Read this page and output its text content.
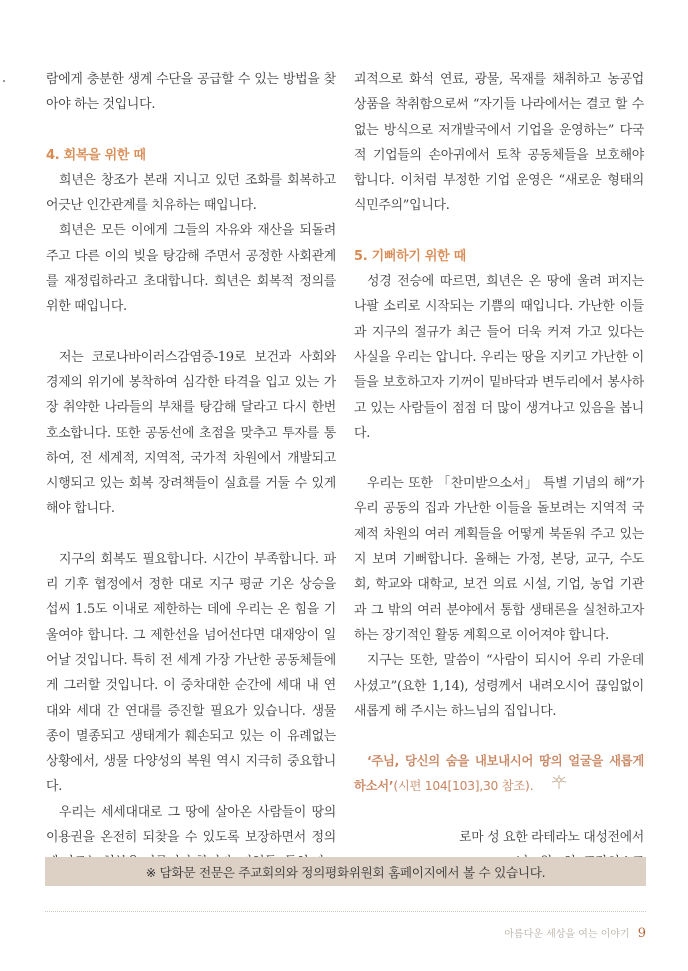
람에게 충분한 생계 수단을 공급할 수 있는 방법을 찾아야 하는 것입니다.

4. 회복을 위한 때

희년은 창조가 본래 지니고 있던 조화를 회복하고 어긋난 인간관계를 치유하는 때입니다.

희년은 모든 이에게 그들의 자유와 재산을 되돌려주고 다른 이의 빚을 탕감해 주면서 공정한 사회관계를 재정립하라고 초대합니다. 희년은 회복적 정의를 위한 때입니다.

저는 코로나바이러스감염증-19로 보건과 사회와 경제의 위기에 봉착하여 심각한 타격을 입고 있는 가장 취약한 나라들의 부채를 탕감해 달라고 다시 한번 호소합니다. 또한 공동선에 초점을 맞추고 투자를 통하여, 전 세계적, 지역적, 국가적 차원에서 개발되고 시행되고 있는 회복 장려책들이 실효를 거둘 수 있게 해야 합니다.

지구의 회복도 필요합니다. 시간이 부족합니다. 파리 기후 협정에서 정한 대로 지구 평균 기온 상승을 섭씨 1.5도 이내로 제한하는 데에 우리는 온 힘을 기울여야 합니다. 그 제한선을 넘어선다면 대재앙이 일어날 것입니다. 특히 전 세계 가장 가난한 공동체들에게 그러할 것입니다. 이 중차대한 순간에 세대 내 연대와 세대 간 연대를 증진할 필요가 있습니다. 생물 종이 멸종되고 생태계가 훼손되고 있는 이 유례없는 상황에서, 생물 다양성의 복원 역시 지극히 중요합니다.

우리는 세세대대로 그 땅에 살아온 사람들이 땅의 이용권을 온전히 되찾을 수 있도록 보장하면서 정의

괴적으로 화석 연료, 광물, 목재를 채취하고 농공업 상품을 착취함으로써 “자기들 나라에서는 결코 할 수 없는 방식으로 저개발국에서 기업을 운영하는” 다국적 기업들의 손아귀에서 토착 공동체들을 보호해야 합니다. 이처럼 부정한 기업 운영은 “새로운 형태의 식민주의”입니다.

5. 기뻐하기 위한 때

성경 전승에 따르면, 희년은 온 땅에 울려 퍼지는 나팔 소리로 시작되는 기쁨의 때입니다. 가난한 이들과 지구의 절규가 최근 들어 더욱 커져 가고 있다는 사실을 우리는 압니다. 우리는 땅을 지키고 가난한 이들을 보호하고자 기꺼이 밑바닥과 변두리에서 봉사하고 있는 사람들이 점점 더 많이 생겨나고 있음을 봅니다.

우리는 또한 「찬미받으소서」 특별 기념의 해”가 우리 공동의 집과 가난한 이들을 돌보려는 지역적 국제적 차원의 여러 계획들을 어떻게 북돋워 주고 있는지 보며 기뻐합니다. 올해는 가정, 본당, 교구, 수도회, 학교와 대학교, 보건 의료 시설, 기업, 농업 기관과 그 밖의 여러 분야에서 통합 생태론을 실천하고자 하는 장기적인 활동 계획으로 이어져야 합니다.

지구는 또한, 말씀이 “사람이 되시어 우리 가운데 사셨고”(요한 1,14), 성령께서 내려오시어 끊임없이 새롭게 해 주시는 하느님의 집입니다.

‘주님, 당신의 숨을 내보내시어 땅의 얼굴을 새롭게 하소서’(시편 104[103],30 참조).

로마 성 요한 라테라노 대성전에서

※ 담화문 전문은 주교회의와 정의평화위원회 홈페이지에서 볼 수 있습니다.
아름다운 세상을 여는 이야기 9
